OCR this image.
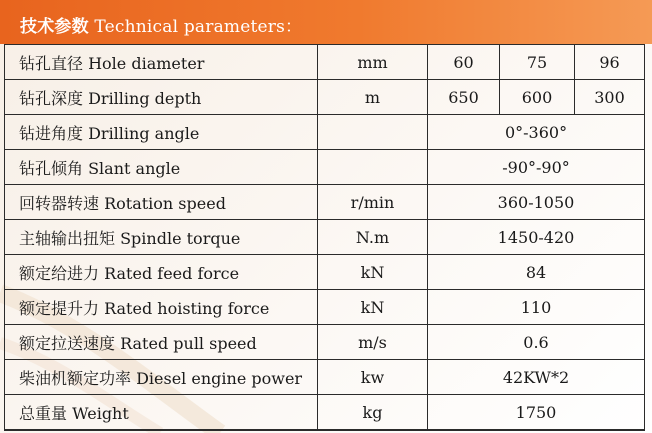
技术参数 Technical parameters：
钻孔直径 Hole diameter	mm	60	75	96
钻孔深度 Drilling depth	m	650	600	300
钻进角度 Drilling angle		0°-360°		
钻孔倾角 Slant angle		-90°-90°		
回转器转速 Rotation speed	r/min	360-1050		
主轴输出扭矩 Spindle torque	N.m	1450-420		
额定给进力 Rated feed force	kN	84		
额定提升力 Rated hoisting force	kN	110		
额定拉送速度 Rated pull speed	m/s	0.6		
柴油机额定功率 Diesel engine power	kw	42KW*2		
总重量 Weight	kg	1750		
